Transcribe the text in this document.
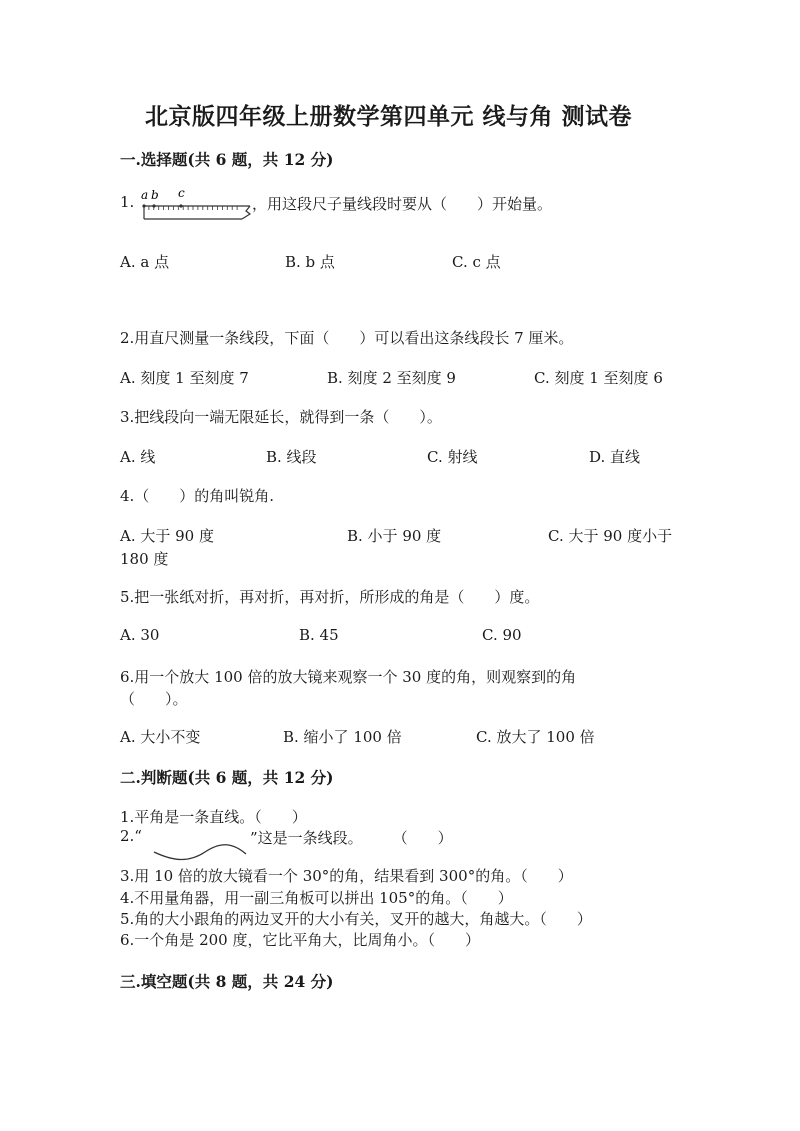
北京版四年级上册数学第四单元 线与角 测试卷
一.选择题(共 6 题，共 12 分)
1. a b c
，用这段尺子量线段时要从（　　）开始量。
A. a 点	B. b 点	C. c 点
2.用直尺测量一条线段，下面（　　）可以看出这条线段长 7 厘米。
A. 刻度 1 至刻度 7	B. 刻度 2 至刻度 9	C. 刻度 1 至刻度 6
3.把线段向一端无限延长，就得到一条（　　）。
A. 线	B. 线段	C. 射线	D. 直线
4.（　　）的角叫锐角.
A. 大于 90 度	B. 小于 90 度	C. 大于 90 度小于
180 度
5.把一张纸对折，再对折，再对折，所形成的角是（　　）度。
A. 30	B. 45	C. 90
6.用一个放大 100 倍的放大镜来观察一个 30 度的角，则观察到的角
（　　）。
A. 大小不变	B. 缩小了 100 倍	C. 放大了 100 倍
二.判断题(共 6 题，共 12 分)
1.平角是一条直线。（　　）
2.“	”这是一条线段。　　　（　　）
3.用 10 倍的放大镜看一个 30°的角，结果看到 300°的角。（　　）
4.不用量角器，用一副三角板可以拼出 105°的角。（　　）
5.角的大小跟角的两边叉开的大小有关，叉开的越大，角越大。（　　）
6.一个角是 200 度，它比平角大，比周角小。（　　）
三.填空题(共 8 题，共 24 分)
